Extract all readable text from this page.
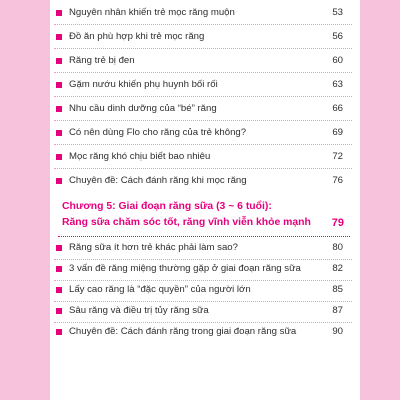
Nguyên nhân khiến trẻ mọc răng muộn	53
Đồ ăn phù hợp khi trẻ mọc răng	56
Răng trẻ bị đen	60
Gặm nướu khiến phụ huynh bối rối	63
Nhu cầu dinh dưỡng của “bé” răng	66
Có nên dùng Flo cho răng của trẻ không?	69
Mọc răng khó chịu biết bao nhiêu	72
Chuyên đề: Cách đánh răng khi mọc răng	76
Chương 5: Giai đoạn răng sữa (3 ~ 6 tuổi):
Răng sữa chăm sóc tốt, răng vĩnh viễn khỏe mạnh 79
Răng sữa ít hơn trẻ khác phải làm sao?	80
3 vấn đề răng miệng thường gặp ở giai đoạn răng sữa	82
Lấy cao răng là “đặc quyền” của người lớn	85
Sâu răng và điều trị tủy răng sữa	87
Chuyên đề: Cách đánh răng trong giai đoạn răng sữa	90
